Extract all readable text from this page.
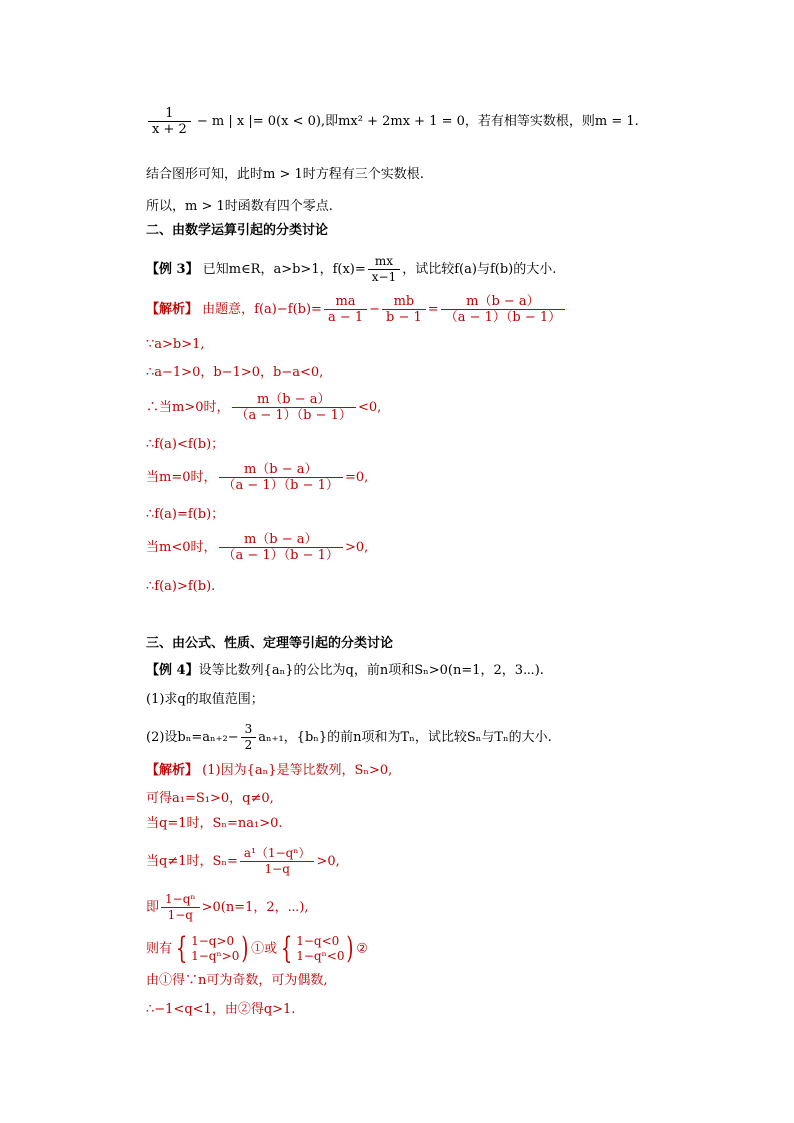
$\frac{1}{x + 2} - m$ | x |= 0(x < 0),即mx² + 2mx + 1 = 0，若有相等实数根，则m = 1.
结合图形可知，此时m > 1时方程有三个实数根.
所以，m > 1时函数有四个零点.
二、由数学运算引起的分类讨论
【例 3】 已知m∈R，a>b>1，$f(x)= \frac{mx}{x-1}$ ，试比较f(a)与f(b)的大小.
【解析】 由题意，$f(a)-f(b)= \frac{ma}{a - 1} - \frac{mb}{b - 1} = \frac{m(b - a)}{(a - 1)(b - 1)}$
∵a>b>1,
∴a−1>0，b−1>0，b−a<0,
∴当m>0时， $\frac{m(b - a)}{(a - 1)(b - 1)} <0$,
∴f(a)<f(b)；
当m=0时， $\frac{m(b - a)}{(a - 1)(b - 1)} =0$,
∴f(a)=f(b)；
当m<0时， $\frac{m(b - a)}{(a - 1)(b - 1)} >0$,
∴f(a)>f(b).
三、由公式、性质、定理等引起的分类讨论
【例 4】设等比数列{aₙ}的公比为q，前n项和Sₙ>0(n=1，2，3⋯).
(1)求q的取值范围；
(2)设$b_n=a_{n+2}- \frac{3}{2} a_{n+1}$，{bₙ}的前n项和为Tₙ，试比较Sₙ与Tₙ的大小.
【解析】 (1)因为{aₙ}是等比数列，Sₙ>0,
可得a₁=S₁>0，q≠0,
当q=1时，Sₙ=na₁>0.
当q≠1时，$S_n= \frac{\text{a¹（1−qⁿ）}}{1-q} >0$,
即 $\frac{\text{1−qⁿ}}{1-q} >0(n=1$，2，⋯),
则有 { 1−q>0
1−qⁿ>0 ) ①或 { 1−q<0
1−qⁿ<0 ) ②
由①得∵n可为奇数，可为偶数,
∴−1<q<1，由②得q>1.
